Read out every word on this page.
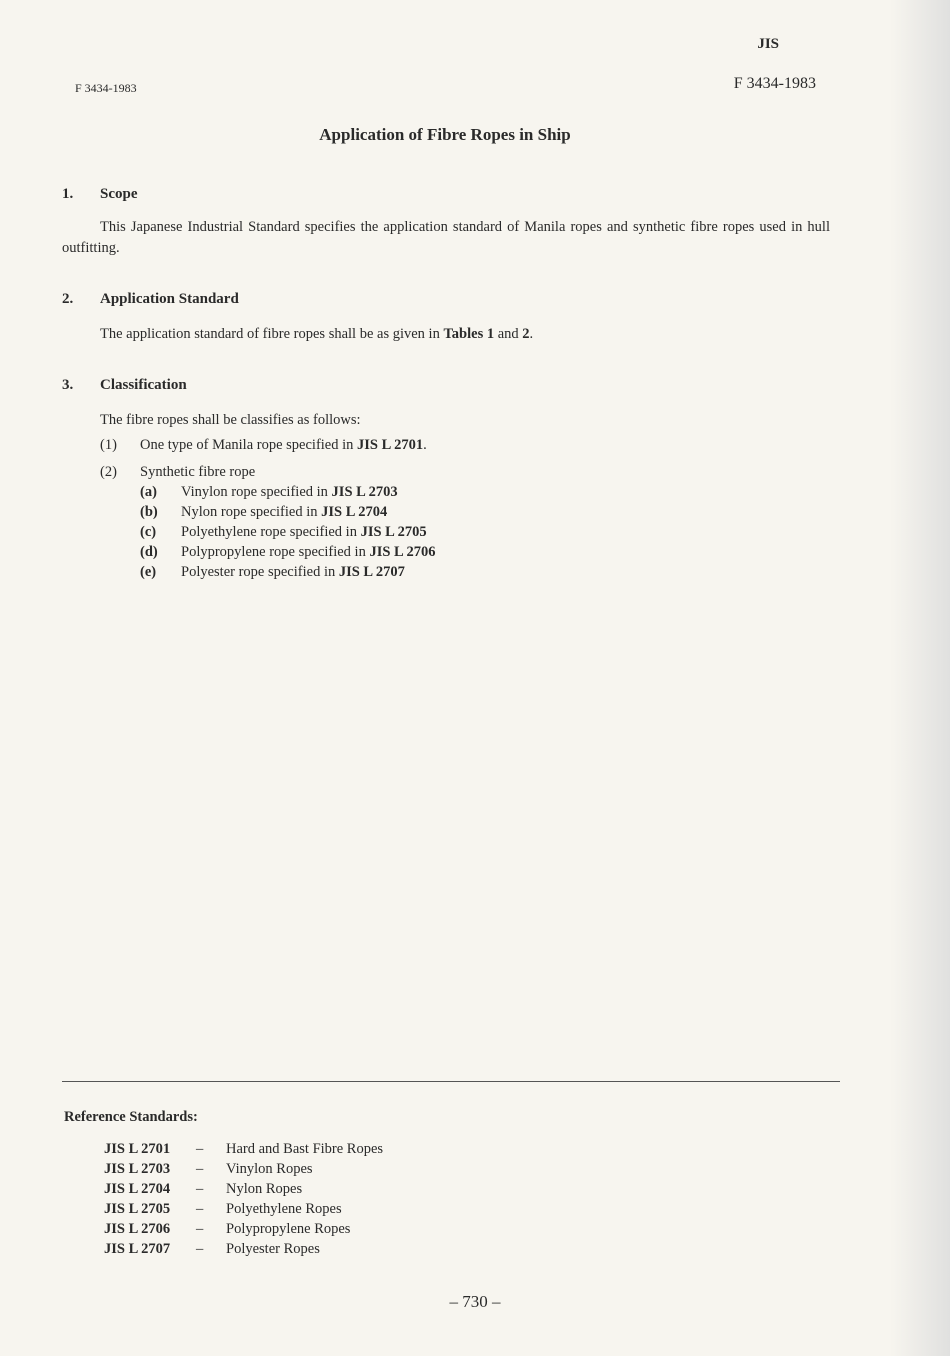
JIS
F 3434-1983
F 3434-1983
Application of Fibre Ropes in Ship
1. Scope
This Japanese Industrial Standard specifies the application standard of Manila ropes and synthetic fibre ropes used in hull outfitting.
2. Application Standard
The application standard of fibre ropes shall be as given in Tables 1 and 2.
3. Classification
The fibre ropes shall be classifies as follows:
(1) One type of Manila rope specified in JIS L 2701.
(2) Synthetic fibre rope
(a) Vinylon rope specified in JIS L 2703
(b) Nylon rope specified in JIS L 2704
(c) Polyethylene rope specified in JIS L 2705
(d) Polypropylene rope specified in JIS L 2706
(e) Polyester rope specified in JIS L 2707
Reference Standards:
JIS L 2701	– Hard and Bast Fibre Ropes
JIS L 2703	– Vinylon Ropes
JIS L 2704	– Nylon Ropes
JIS L 2705	– Polyethylene Ropes
JIS L 2706	– Polypropylene Ropes
JIS L 2707	– Polyester Ropes
– 730 –
